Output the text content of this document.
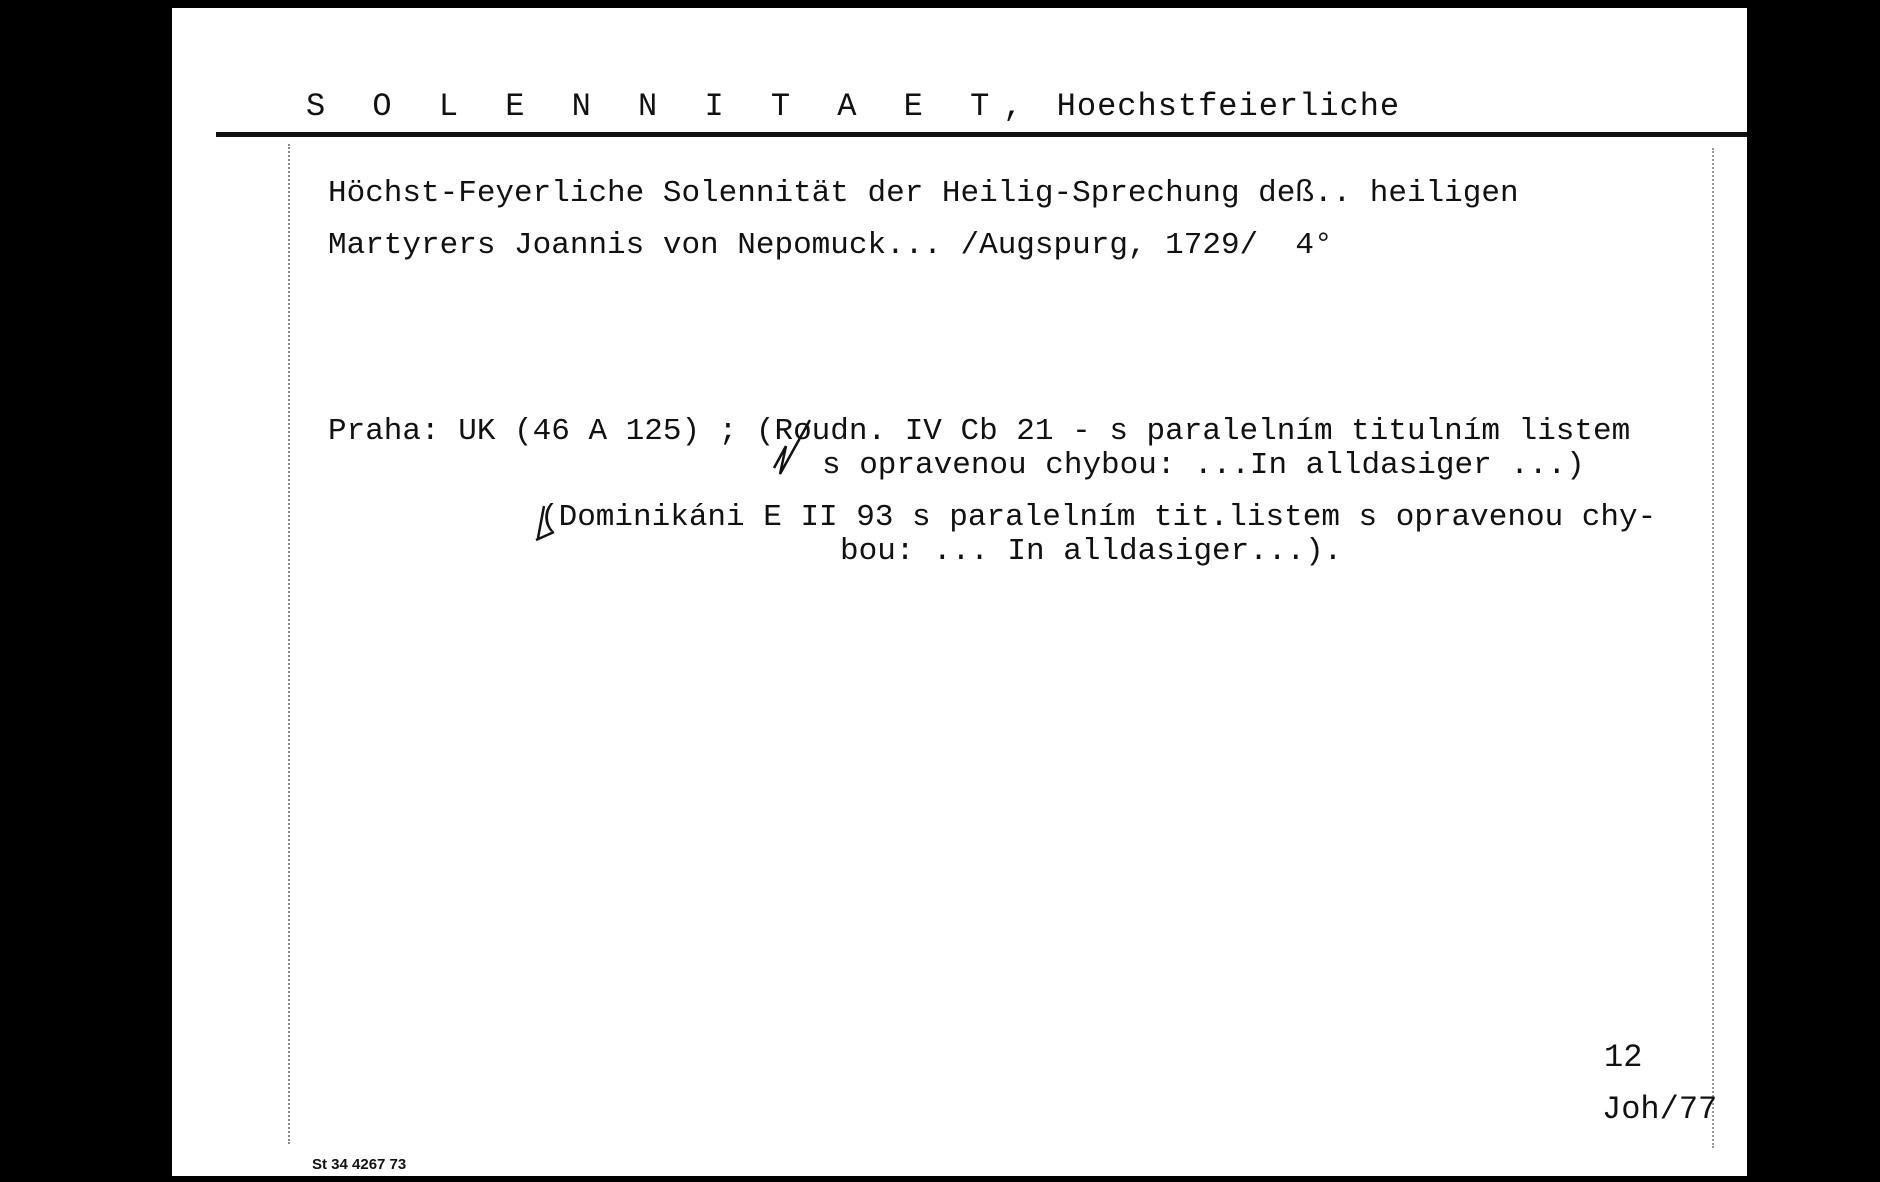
S O L E N N I T A E T, Hoechstfeierliche
Höchst-Feyerliche Solennität der Heilig-Sprechung deß.. heiligen
Martyrers Joannis von Nepomuck... /Augspurg, 1729/  4°
Praha: UK (46 A 125) ; (Roudn. IV Cb 21 - s paralelním titulním listem
s opravenou chybou: ...In alldasiger ...)
(Dominikáni E II 93 s paralelním tit.listem s opravenou chy-
bou: ... In alldasiger...).
12
Joh/77
St 34 4267 73
